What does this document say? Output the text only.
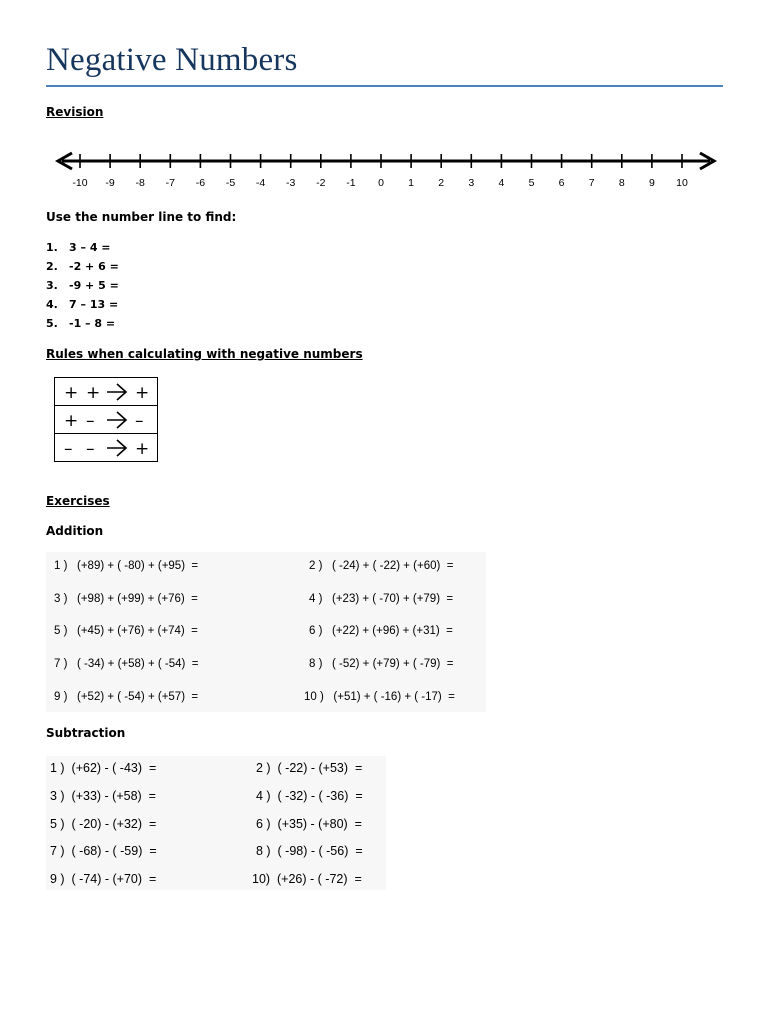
Negative Numbers
Revision
-10 -9 -8 -7 -6 -5 -4 -3 -2 -1 0 1 2 3 4 5 6 7 8 9 10
Use the number line to find:
1.	3 – 4 =
2.	-2 + 6 =
3.	-9 + 5 =
4.	7 – 13 =
5.	-1 – 8 =
Rules when calculating with negative numbers
+ + +

+ – –

– – +
Exercises
Addition
1 )   (+89) + ( -80) + (+95)  =	2 )   ( -24) + ( -22) + (+60)  =
3 )   (+98) + (+99) + (+76)  =	4 )   (+23) + ( -70) + (+79)  =
5 )   (+45) + (+76) + (+74)  =	6 )   (+22) + (+96) + (+31)  =
7 )   ( -34) + (+58) + ( -54)  =	8 )   ( -52) + (+79) + ( -79)  =
9 )   (+52) + ( -54) + (+57)  =	10 )   (+51) + ( -16) + ( -17)  =
Subtraction
1 )  (+62) - ( -43)  =	2 )  ( -22) - (+53)  =
3 )  (+33) - (+58)  =	4 )  ( -32) - ( -36)  =
5 )  ( -20) - (+32)  =	6 )  (+35) - (+80)  =
7 )  ( -68) - ( -59)  =	8 )  ( -98) - ( -56)  =
9 )  ( -74) - (+70)  =	10)  (+26) - ( -72)  =
